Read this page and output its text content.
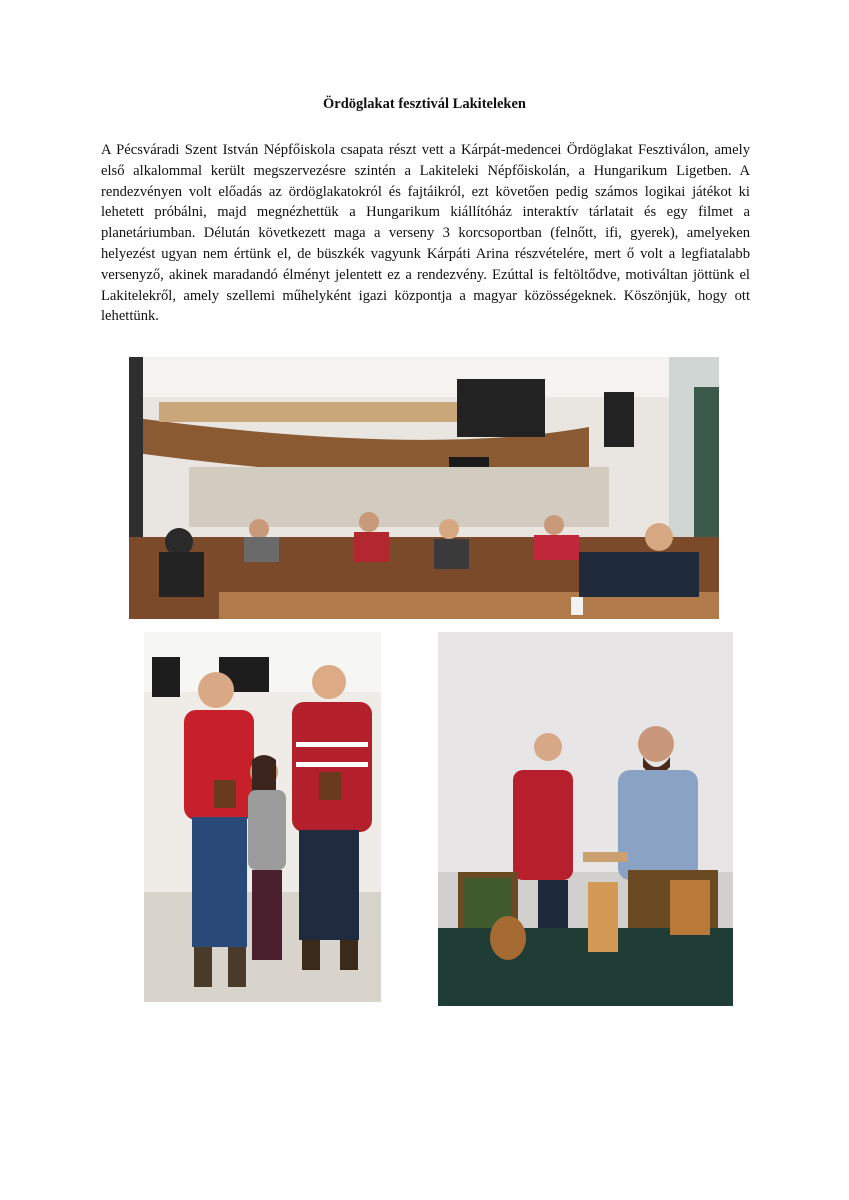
Ördöglakat fesztivál Lakiteleken
A Pécsváradi Szent István Népfőiskola csapata részt vett a Kárpát-medencei Ördöglakat Fesztiválon, amely első alkalommal került megszervezésre szintén a Lakiteleki Népfőiskolán, a Hungarikum Ligetben. A rendezvényen volt előadás az ördöglakatokról és fajtáikról, ezt követően pedig számos logikai játékot ki lehetett próbálni, majd megnézhettük a Hungarikum kiállítóház interaktív tárlatait és egy filmet a planetáriumban. Délután következett maga a verseny 3 korcsoportban (felnőtt, ifi, gyerek), amelyeken helyezést ugyan nem értünk el, de büszkék vagyunk Kárpáti Arina részvételére, mert ő volt a legfiatalabb versenyző, akinek maradandó élményt jelentett ez a rendezvény. Ezúttal is feltöltődve, motiváltan jöttünk el Lakitelekről, amely szellemi műhelyként igazi központja a magyar közösségeknek. Köszönjük, hogy ott lehettünk.
